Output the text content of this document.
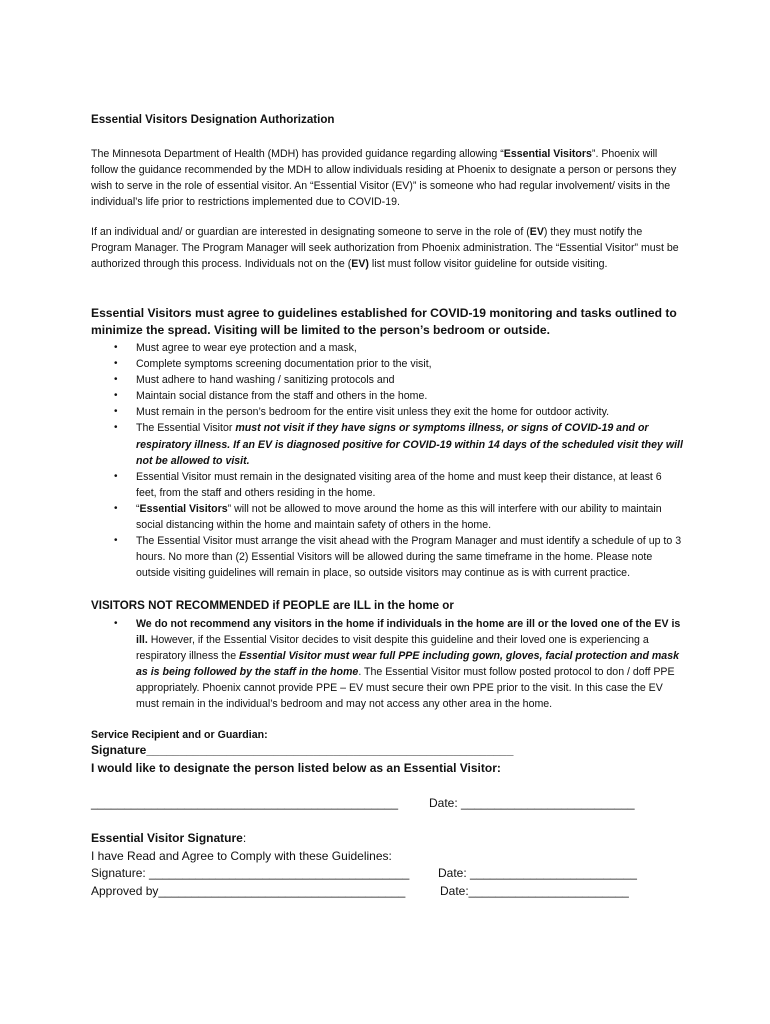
Essential Visitors Designation Authorization

The Minnesota Department of Health (MDH) has provided guidance regarding allowing “Essential Visitors”. Phoenix will follow the guidance recommended by the MDH to allow individuals residing at Phoenix to designate a person or persons they wish to serve in the role of essential visitor. An “Essential Visitor (EV)” is someone who had regular involvement/ visits in the individual’s life prior to restrictions implemented due to COVID-19.

If an individual and/ or guardian are interested in designating someone to serve in the role of (EV) they must notify the Program Manager. The Program Manager will seek authorization from Phoenix administration. The “Essential Visitor” must be authorized through this process. Individuals not on the (EV) list must follow visitor guideline for outside visiting.

Essential Visitors must agree to guidelines established for COVID-19 monitoring and tasks outlined to minimize the spread. Visiting will be limited to the person’s bedroom or outside.
• Must agree to wear eye protection and a mask,
• Complete symptoms screening documentation prior to the visit,
• Must adhere to hand washing / sanitizing protocols and
• Maintain social distance from the staff and others in the home.
• Must remain in the person’s bedroom for the entire visit unless they exit the home for outdoor activity.
• The Essential Visitor must not visit if they have signs or symptoms illness, or signs of COVID-19 and or respiratory illness. If an EV is diagnosed positive for COVID-19 within 14 days of the scheduled visit they will not be allowed to visit.
• Essential Visitor must remain in the designated visiting area of the home and must keep their distance, at least 6 feet, from the staff and others residing in the home.
• “Essential Visitors” will not be allowed to move around the home as this will interfere with our ability to maintain social distancing within the home and maintain safety of others in the home.
• The Essential Visitor must arrange the visit ahead with the Program Manager and must identify a schedule of up to 3 hours. No more than (2) Essential Visitors will be allowed during the same timeframe in the home. Please note outside visiting guidelines will remain in place, so outside visitors may continue as is with current practice.
VISITORS NOT RECOMMENDED if PEOPLE are ILL in the home or
• We do not recommend any visitors in the home if individuals in the home are ill or the loved one of the EV is ill. However, if the Essential Visitor decides to visit despite this guideline and their loved one is experiencing a respiratory illness the Essential Visitor must wear full PPE including gown, gloves, facial protection and mask as is being followed by the staff in the home. The Essential Visitor must follow posted protocol to don / doff PPE appropriately. Phoenix cannot provide PPE – EV must secure their own PPE prior to the visit. In this case the EV must remain in the individual’s bedroom and may not access any other area in the home.
Service Recipient and or Guardian:
Signature_______________________________________________________
I would like to designate the person listed below as an Essential Visitor:
______________________________________________	Date: __________________________
Essential Visitor Signature:
I have Read and Agree to Comply with these Guidelines:
Signature: _______________________________________ Date: _________________________
Approved by_____________________________________	Date:________________________
